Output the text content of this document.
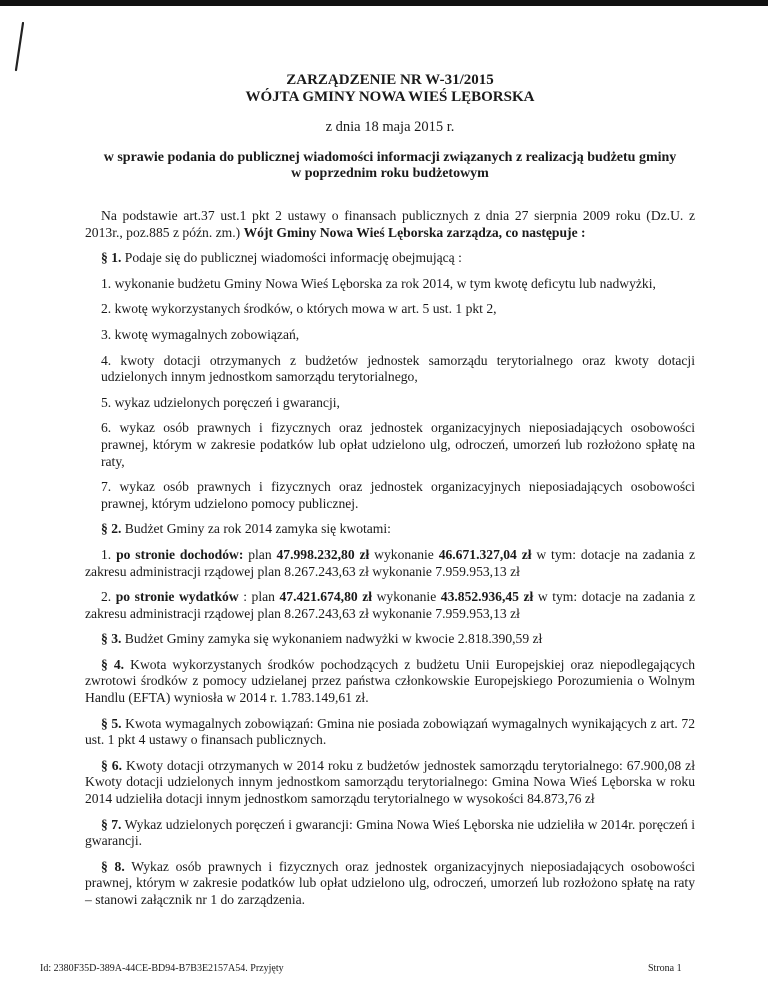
ZARZĄDZENIE NR W-31/2015
WÓJTA GMINY NOWA WIEŚ LĘBORSKA
z dnia 18 maja 2015 r.
w sprawie podania do publicznej wiadomości informacji związanych z realizacją budżetu gminy
w poprzednim roku budżetowym

Na podstawie art.37 ust.1 pkt 2 ustawy o finansach publicznych z dnia 27 sierpnia 2009 roku (Dz.U. z 2013r., poz.885 z późn. zm.) Wójt Gminy Nowa Wieś Lęborska zarządza, co następuje :

§ 1. Podaje się do publicznej wiadomości informację obejmującą :

1. wykonanie budżetu Gminy Nowa Wieś Lęborska za rok 2014, w tym kwotę deficytu lub nadwyżki,

2. kwotę wykorzystanych środków, o których mowa w art. 5 ust. 1 pkt 2,

3. kwotę wymagalnych zobowiązań,

4. kwoty dotacji otrzymanych z budżetów jednostek samorządu terytorialnego oraz kwoty dotacji udzielonych innym jednostkom samorządu terytorialnego,

5. wykaz udzielonych poręczeń i gwarancji,

6. wykaz osób prawnych i fizycznych oraz jednostek organizacyjnych nieposiadających osobowości prawnej, którym w zakresie podatków lub opłat udzielono ulg, odroczeń, umorzeń lub rozłożono spłatę na raty,

7. wykaz osób prawnych i fizycznych oraz jednostek organizacyjnych nieposiadających osobowości prawnej, którym udzielono pomocy publicznej.

§ 2. Budżet Gminy za rok 2014 zamyka się kwotami:

1. po stronie dochodów: plan 47.998.232,80 zł wykonanie 46.671.327,04 zł w tym: dotacje na zadania z zakresu administracji rządowej plan 8.267.243,63 zł wykonanie 7.959.953,13 zł

2. po stronie wydatków : plan 47.421.674,80 zł wykonanie 43.852.936,45 zł w tym: dotacje na zadania z zakresu administracji rządowej plan 8.267.243,63 zł wykonanie 7.959.953,13 zł

§ 3. Budżet Gminy zamyka się wykonaniem nadwyżki w kwocie 2.818.390,59 zł

§ 4. Kwota wykorzystanych środków pochodzących z budżetu Unii Europejskiej oraz niepodlegających zwrotowi środków z pomocy udzielanej przez państwa członkowskie Europejskiego Porozumienia o Wolnym Handlu (EFTA) wyniosła w 2014 r. 1.783.149,61 zł.

§ 5. Kwota wymagalnych zobowiązań: Gmina nie posiada zobowiązań wymagalnych wynikających z art. 72 ust. 1 pkt 4 ustawy o finansach publicznych.

§ 6. Kwoty dotacji otrzymanych w 2014 roku z budżetów jednostek samorządu terytorialnego: 67.900,08 zł Kwoty dotacji udzielonych innym jednostkom samorządu terytorialnego: Gmina Nowa Wieś Lęborska w roku 2014 udzieliła dotacji innym jednostkom samorządu terytorialnego w wysokości 84.873,76 zł

§ 7. Wykaz udzielonych poręczeń i gwarancji: Gmina Nowa Wieś Lęborska nie udzieliła w 2014r. poręczeń i gwarancji.

§ 8. Wykaz osób prawnych i fizycznych oraz jednostek organizacyjnych nieposiadających osobowości prawnej, którym w zakresie podatków lub opłat udzielono ulg, odroczeń, umorzeń lub rozłożono spłatę na raty – stanowi załącznik nr 1 do zarządzenia.

Id: 2380F35D-389A-44CE-BD94-B7B3E2157A54. Przyjęty	Strona 1
